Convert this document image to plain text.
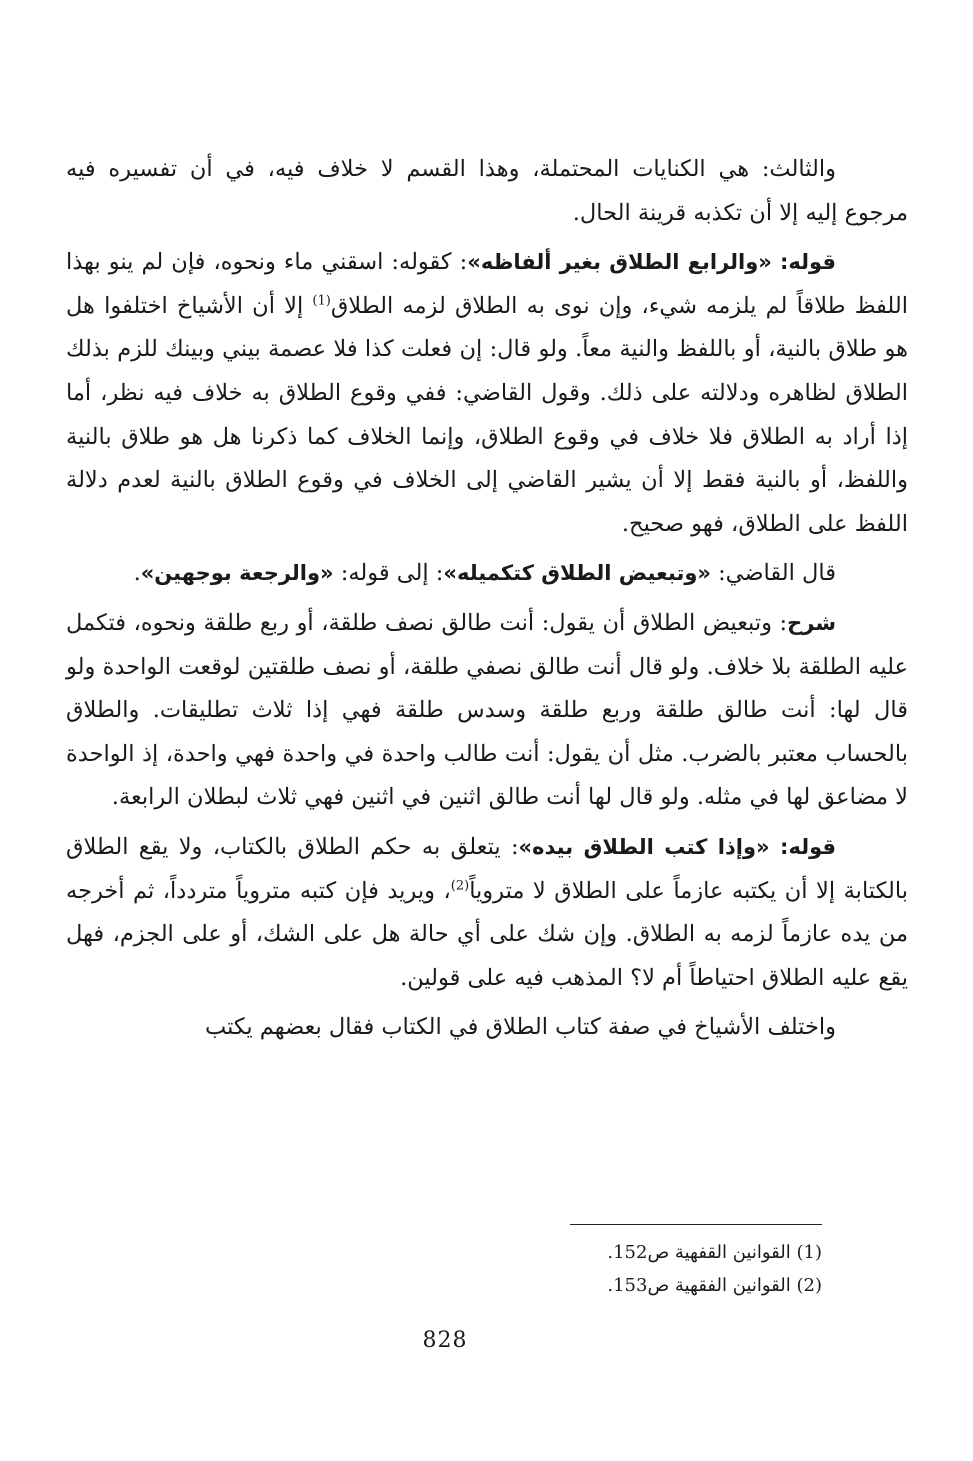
والثالث: هي الكنايات المحتملة، وهذا القسم لا خلاف فيه، في أن تفسيره فيه مرجوع إليه إلا أن تكذبه قرينة الحال.

قوله: «والرابع الطلاق بغير ألفاظه»: كقوله: اسقني ماء ونحوه، فإن لم ينو بهذا اللفظ طلاقاً لم يلزمه شيء، وإن نوى به الطلاق لزمه الطلاق$^{(1)}$ إلا أن الأشياخ اختلفوا هل هو طلاق بالنية، أو باللفظ والنية معاً. ولو قال: إن فعلت كذا فلا عصمة بيني وبينك للزم بذلك الطلاق لظاهره ودلالته على ذلك. وقول القاضي: ففي وقوع الطلاق به خلاف فيه نظر، أما إذا أراد به الطلاق فلا خلاف في وقوع الطلاق، وإنما الخلاف كما ذكرنا هل هو طلاق بالنية واللفظ، أو بالنية فقط إلا أن يشير القاضي إلى الخلاف في وقوع الطلاق بالنية لعدم دلالة اللفظ على الطلاق، فهو صحيح.

قال القاضي: «وتبعيض الطلاق كتكميله»: إلى قوله: «والرجعة بوجهين».

شرح: وتبعيض الطلاق أن يقول: أنت طالق نصف طلقة، أو ربع طلقة ونحوه، فتكمل عليه الطلقة بلا خلاف. ولو قال أنت طالق نصفي طلقة، أو نصف طلقتين لوقعت الواحدة ولو قال لها: أنت طالق طلقة وربع طلقة وسدس طلقة فهي إذا ثلاث تطليقات. والطلاق بالحساب معتبر بالضرب. مثل أن يقول: أنت طالب واحدة في واحدة فهي واحدة، إذ الواحدة لا مضاعق لها في مثله. ولو قال لها أنت طالق اثنين في اثنين فهي ثلاث لبطلان الرابعة.

قوله: «وإذا كتب الطلاق بيده»: يتعلق به حكم الطلاق بالكتاب، ولا يقع الطلاق بالكتابة إلا أن يكتبه عازماً على الطلاق لا متروياً$^{(2)}$، ويريد فإن كتبه متروياً متردداً، ثم أخرجه من يده عازماً لزمه به الطلاق. وإن شك على أي حالة هل على الشك، أو على الجزم، فهل يقع عليه الطلاق احتياطاً أم لا؟ المذهب فيه على قولين.

واختلف الأشياخ في صفة كتاب الطلاق في الكتاب فقال بعضهم يكتب

(1) القوانين القفهية ص152.

(2) القوانين الفقهية ص153.

828
